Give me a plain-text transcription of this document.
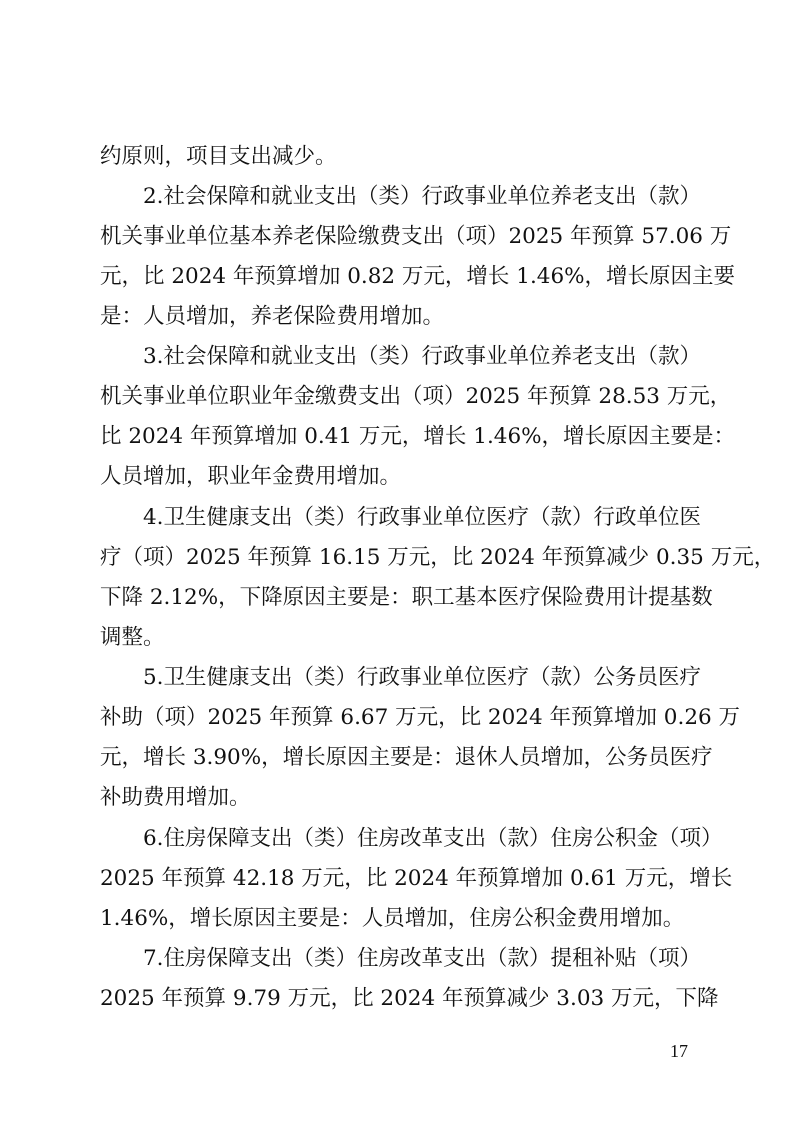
约原则，项目支出减少。
2.社会保障和就业支出（类）行政事业单位养老支出（款）
机关事业单位基本养老保险缴费支出（项）2025 年预算 57.06 万
元，比 2024 年预算增加 0.82 万元，增长 1.46%，增长原因主要
是：人员增加，养老保险费用增加。
3.社会保障和就业支出（类）行政事业单位养老支出（款）
机关事业单位职业年金缴费支出（项）2025 年预算 28.53 万元，
比 2024 年预算增加 0.41 万元，增长 1.46%，增长原因主要是：
人员增加，职业年金费用增加。
4.卫生健康支出（类）行政事业单位医疗（款）行政单位医
疗（项）2025 年预算 16.15 万元，比 2024 年预算减少 0.35 万元，
下降 2.12%，下降原因主要是：职工基本医疗保险费用计提基数
调整。
5.卫生健康支出（类）行政事业单位医疗（款）公务员医疗
补助（项）2025 年预算 6.67 万元，比 2024 年预算增加 0.26 万
元，增长 3.90%，增长原因主要是：退休人员增加，公务员医疗
补助费用增加。
6.住房保障支出（类）住房改革支出（款）住房公积金（项）
2025 年预算 42.18 万元，比 2024 年预算增加 0.61 万元，增长
1.46%，增长原因主要是：人员增加，住房公积金费用增加。
7.住房保障支出（类）住房改革支出（款）提租补贴（项）
2025 年预算 9.79 万元，比 2024 年预算减少 3.03 万元，下降
17
